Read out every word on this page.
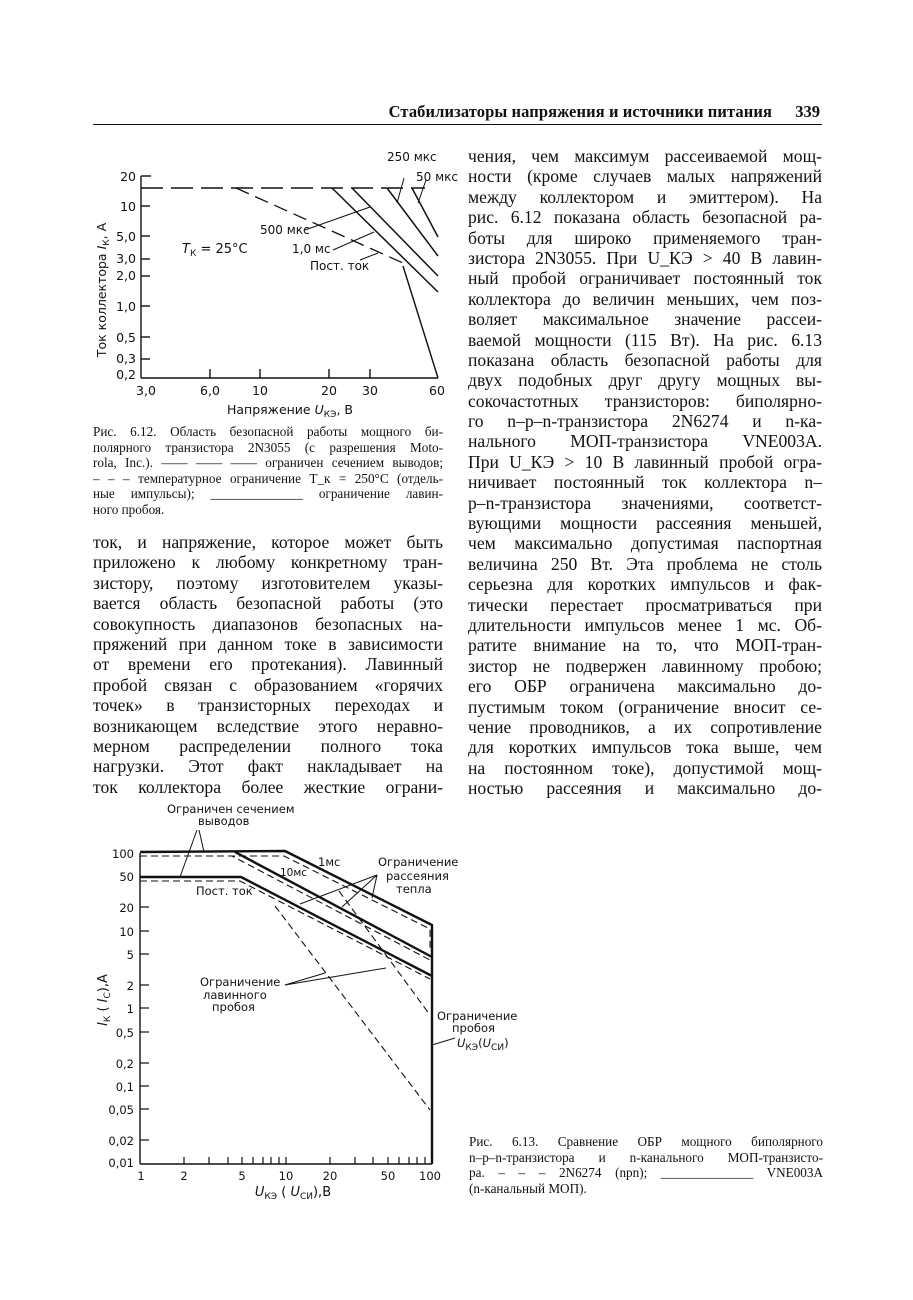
Стабилизаторы напряжения и источники питания 339
20
10
5,0
3,0
2,0
1,0
0,5
0,3
0,2
3,0	6,0	10	20 30	60
Напряжение $U_{КЭ}$, В
Ток коллектора $I_К$, А
$T_К = 25^\circ C$
250 мкс
50 мкс
500 мкс
1,0 мс
Пост. ток
Рис. 6.12. Область безопасной работы мощного би-
полярного транзистора 2N3055 (с разрешения Moto-
rola, Inc.). —— —— —— ограничен сечением выводов;
– – – температурное ограничение T_к = 250°C (отдель-
ные импульсы); ______________ ограничение лавин-
ного пробоя.
ток, и напряжение, которое может быть
приложено к любому конкретному тран-
зистору, поэтому изготовителем указы-
вается область безопасной работы (это
совокупность диапазонов безопасных на-
пряжений при данном токе в зависимости
от времени его протекания). Лавинный
пробой связан с образованием «горячих
точек» в транзисторных переходах и
возникающем вследствие этого неравно-
мерном распределении полного тока
нагрузки. Этот факт накладывает на
ток коллектора более жесткие ограни-
чения, чем максимум рассеиваемой мощ-
ности (кроме случаев малых напряжений
между коллектором и эмиттером). На
рис. 6.12 показана область безопасной ра-
боты для широко применяемого тран-
зистора 2N3055. При U_КЭ > 40 В лавин-
ный пробой ограничивает постоянный ток
коллектора до величин меньших, чем поз-
воляет максимальное значение рассеи-
ваемой мощности (115 Вт). На рис. 6.13
показана область безопасной работы для
двух подобных друг другу мощных вы-
сокочастотных транзисторов: биполярно-
го n–p–n-транзистора 2N6274 и n-ка-
нального МОП-транзистора VNE003A.
При U_КЭ > 10 В лавинный пробой огра-
ничивает постоянный ток коллектора n–
p–n-транзистора значениями, соответст-
вующими мощности рассеяния меньшей,
чем максимально допустимая паспортная
величина 250 Вт. Эта проблема не столь
серьезна для коротких импульсов и фак-
тически перестает просматриваться при
длительности импульсов менее 1 мс. Об-
ратите внимание на то, что МОП-тран-
зистор не подвержен лавинному пробою;
его ОБР ограничена максимально до-
пустимым током (ограничение вносит се-
чение проводников, а их сопротивление
для коротких импульсов тока выше, чем
на постоянном токе), допустимой мощ-
ностью рассеяния и максимально до-
100
50
20
10
5
2
1
0,5
0,2
0,1
0,05
0,02
0,01
1	2	5	10	20	50 100
$U_{КЭ}$ ( $U_{СИ}),В$
$I_К$ ( $I_С),А$
Ограничен сечением
выводов
1мс
10мс
Пост. ток
Ограничение
рассеяния
тепла
Ограничение
лавинного
пробоя
Ограничение
пробоя
$U_{КЭ}(U_{СИ})$
Рис. 6.13. Сравнение ОБР мощного биполярного
n–p–n-транзистора и n-канального МОП-транзисто-
ра. – – – 2N6274 (npn); ______________ VNE003A
(n-канальный МОП).
